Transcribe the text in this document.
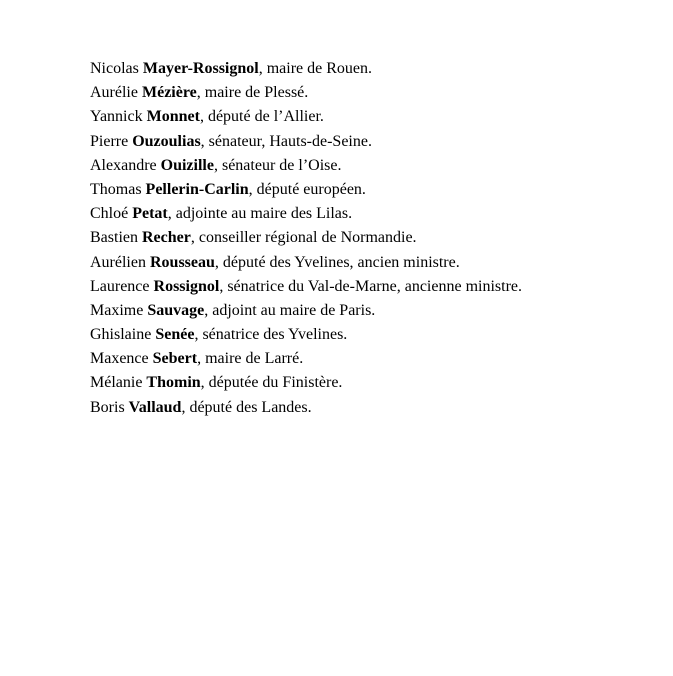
Nicolas Mayer-Rossignol, maire de Rouen.
Aurélie Mézière, maire de Plessé.
Yannick Monnet, député de l’Allier.
Pierre Ouzoulias, sénateur, Hauts-de-Seine.
Alexandre Ouizille, sénateur de l’Oise.
Thomas Pellerin-Carlin, député européen.
Chloé Petat, adjointe au maire des Lilas.
Bastien Recher, conseiller régional de Normandie.
Aurélien Rousseau, député des Yvelines, ancien ministre.
Laurence Rossignol, sénatrice du Val-de-Marne, ancienne ministre.
Maxime Sauvage, adjoint au maire de Paris.
Ghislaine Senée, sénatrice des Yvelines.
Maxence Sebert, maire de Larré.
Mélanie Thomin, députée du Finistère.
Boris Vallaud, député des Landes.
